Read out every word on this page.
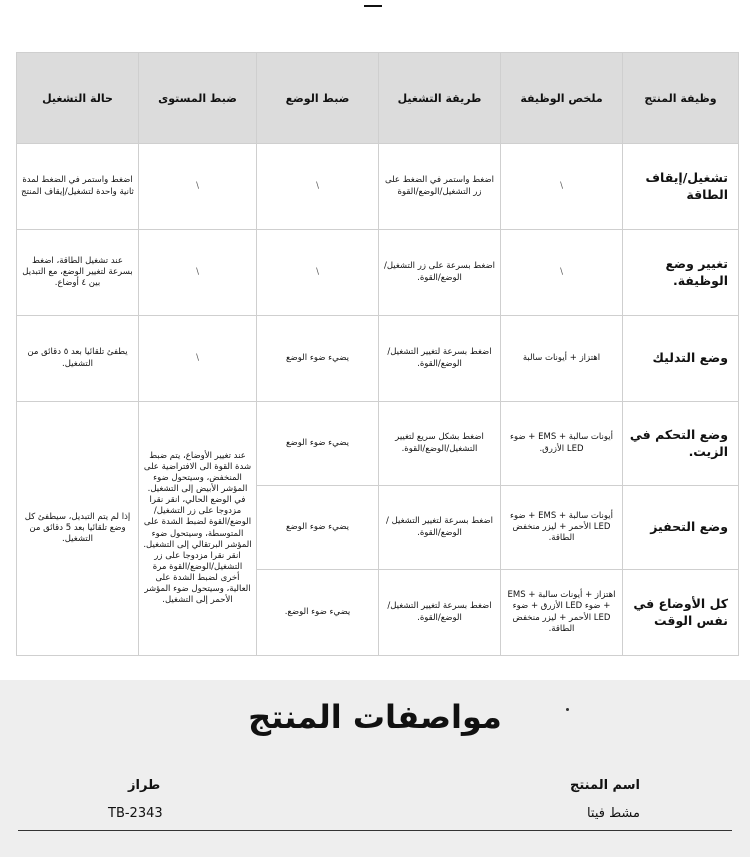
وظيفة المنتج	ملخص الوظيفة	طريقة التشغيل	ضبط الوضع	ضبط المستوى	حالة التشغيل
تشغيل/إيقاف الطاقة	\	اضغط واستمر في الضغط على زر التشغيل/الوضع/القوة	\	\	اضغط واستمر في الضغط لمدة ثانية واحدة لتشغيل/إيقاف المنتج
تغيير وضع الوظيفة.	\	اضغط بسرعة على زر التشغيل/الوضع/القوة.	\	\	عند تشغيل الطاقة، اضغط بسرعة لتغيير الوضع، مع التبديل بين ٤ أوضاع.
وضع التدليك	اهتزاز + أيونات سالبة	اضغط بسرعة لتغيير التشغيل/الوضع/القوة.	يضيء ضوء الوضع	\	يطفئ تلقائيا بعد ٥ دقائق من التشغيل.
وضع التحكم في الزيت.	أيونات سالبة + EMS + ضوء LED الأزرق.	اضغط بشكل سريع لتغيير التشغيل/الوضع/القوة.	يضيء ضوء الوضع	عند تغيير الأوضاع، يتم ضبط شدة القوة الى الافتراضية على المنخفض، وسيتحول ضوء المؤشر الأبيض إلى التشغيل. في الوضع الحالي، انقر نقرا مزدوجا على زر التشغيل/الوضع/القوة لضبط الشدة على المتوسطة، وسيتحول ضوء المؤشر البرتقالي إلى التشغيل. انقر نقرا مزدوجا على زر التشغيل/الوضع/القوة مرة أخرى لضبط الشدة على العالية، وسيتحول ضوء المؤشر الأحمر إلى التشغيل.	إذا لم يتم التبديل، سيطفئ كل وضع تلقائيا بعد 5 دقائق من التشغيل.
وضع التحفيز	أيونات سالبة + EMS + ضوء LED الأحمر + ليزر منخفض الطاقة.	اضغط بسرعة لتغيير التشغيل /الوضع/القوة.	يضيء ضوء الوضع		
كل الأوضاع في نفس الوقت	اهتزاز + أيونات سالبة + EMS + ضوء LED الأزرق + ضوء LED الأحمر + ليزر منخفض الطاقة.	اضغط بسرعة لتغيير التشغيل/الوضع/القوة.	يضيء ضوء الوضع.		
مواصفات المنتج
اسم المنتج
مشط فيتا
طراز
TB-2343
